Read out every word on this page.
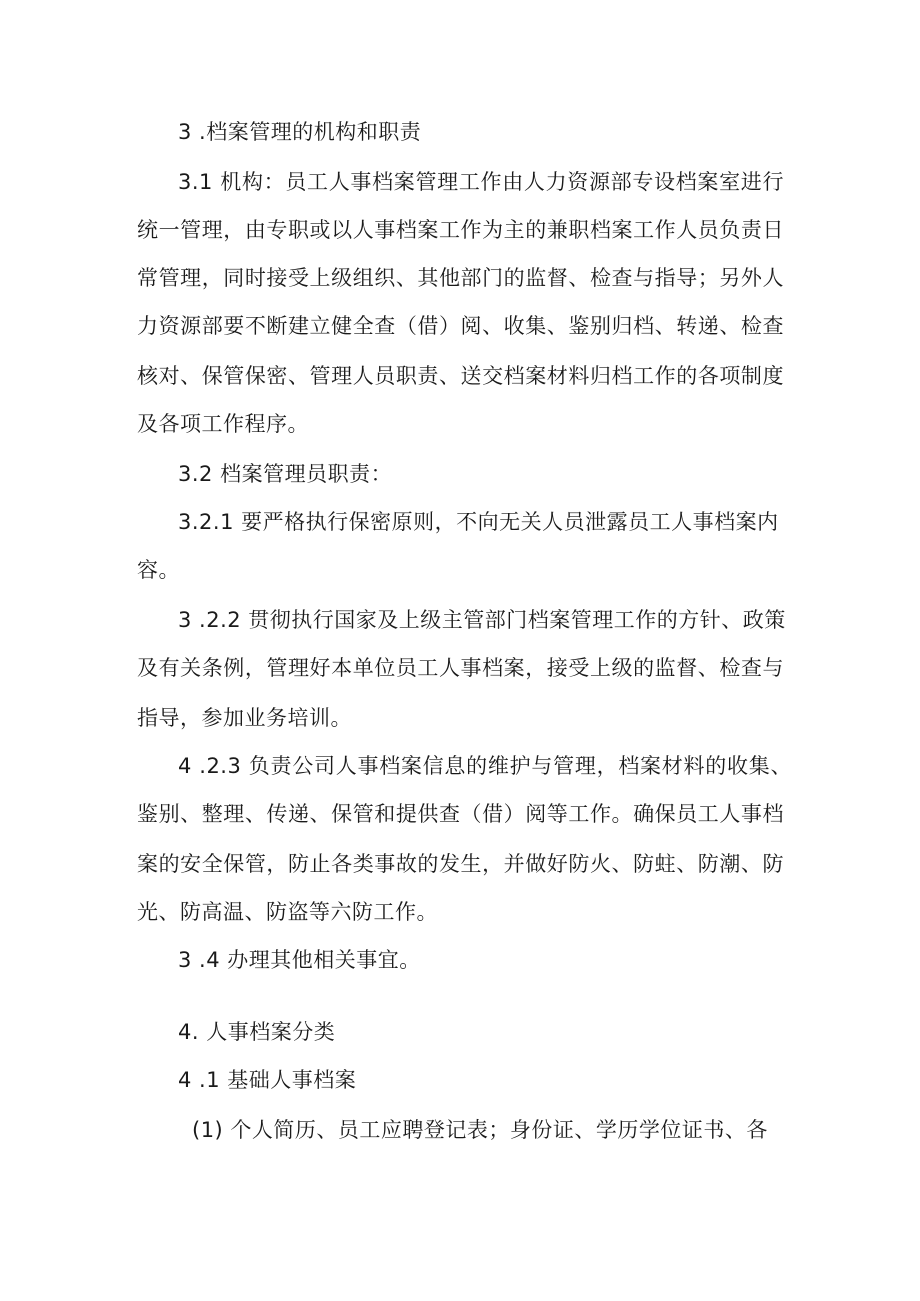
3 .档案管理的机构和职责
3.1 机构：员工人事档案管理工作由人力资源部专设档案室进行
统一管理，由专职或以人事档案工作为主的兼职档案工作人员负责日
常管理，同时接受上级组织、其他部门的监督、检查与指导；另外人
力资源部要不断建立健全查（借）阅、收集、鉴别归档、转递、检查
核对、保管保密、管理人员职责、送交档案材料归档工作的各项制度
及各项工作程序。
3.2 档案管理员职责：
3.2.1 要严格执行保密原则，不向无关人员泄露员工人事档案内
容。
3 .2.2 贯彻执行国家及上级主管部门档案管理工作的方针、政策
及有关条例，管理好本单位员工人事档案，接受上级的监督、检查与
指导，参加业务培训。
4 .2.3 负责公司人事档案信息的维护与管理，档案材料的收集、
鉴别、整理、传递、保管和提供查（借）阅等工作。确保员工人事档
案的安全保管，防止各类事故的发生，并做好防火、防蛀、防潮、防
光、防高温、防盗等六防工作。
3 .4 办理其他相关事宜。
4. 人事档案分类
4 .1 基础人事档案
(1) 个人简历、员工应聘登记表；身份证、学历学位证书、各
